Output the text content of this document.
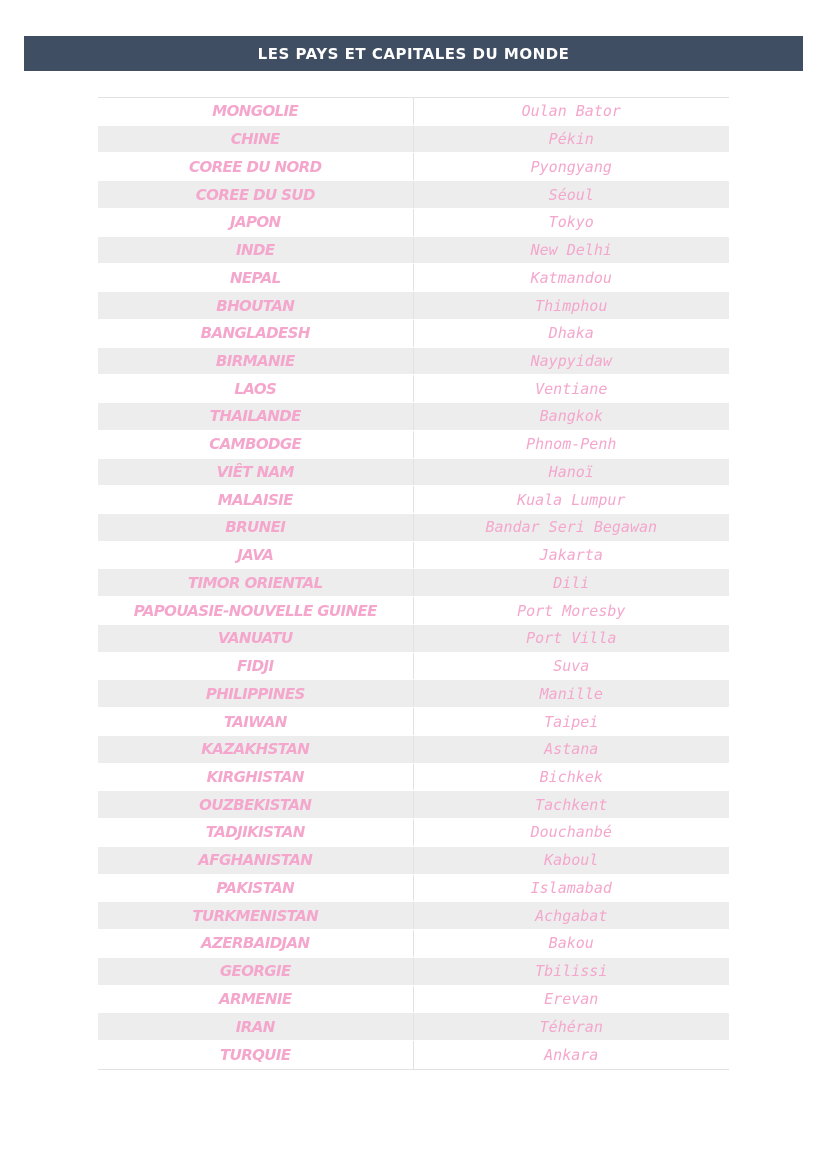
LES PAYS ET CAPITALES DU MONDE
MONGOLIE	Oulan Bator
CHINE	Pékin
COREE DU NORD	Pyongyang
COREE DU SUD	Séoul
JAPON	Tokyo
INDE	New Delhi
NEPAL	Katmandou
BHOUTAN	Thimphou
BANGLADESH	Dhaka
BIRMANIE	Naypyidaw
LAOS	Ventiane
THAILANDE	Bangkok
CAMBODGE	Phnom-Penh
VIÊT NAM	Hanoï
MALAISIE	Kuala Lumpur
BRUNEI	Bandar Seri Begawan
JAVA	Jakarta
TIMOR ORIENTAL	Dili
PAPOUASIE-NOUVELLE GUINEE	Port Moresby
VANUATU	Port Villa
FIDJI	Suva
PHILIPPINES	Manille
TAIWAN	Taipei
KAZAKHSTAN	Astana
KIRGHISTAN	Bichkek
OUZBEKISTAN	Tachkent
TADJIKISTAN	Douchanbé
AFGHANISTAN	Kaboul
PAKISTAN	Islamabad
TURKMENISTAN	Achgabat
AZERBAIDJAN	Bakou
GEORGIE	Tbilissi
ARMENIE	Erevan
IRAN	Téhéran
TURQUIE	Ankara
